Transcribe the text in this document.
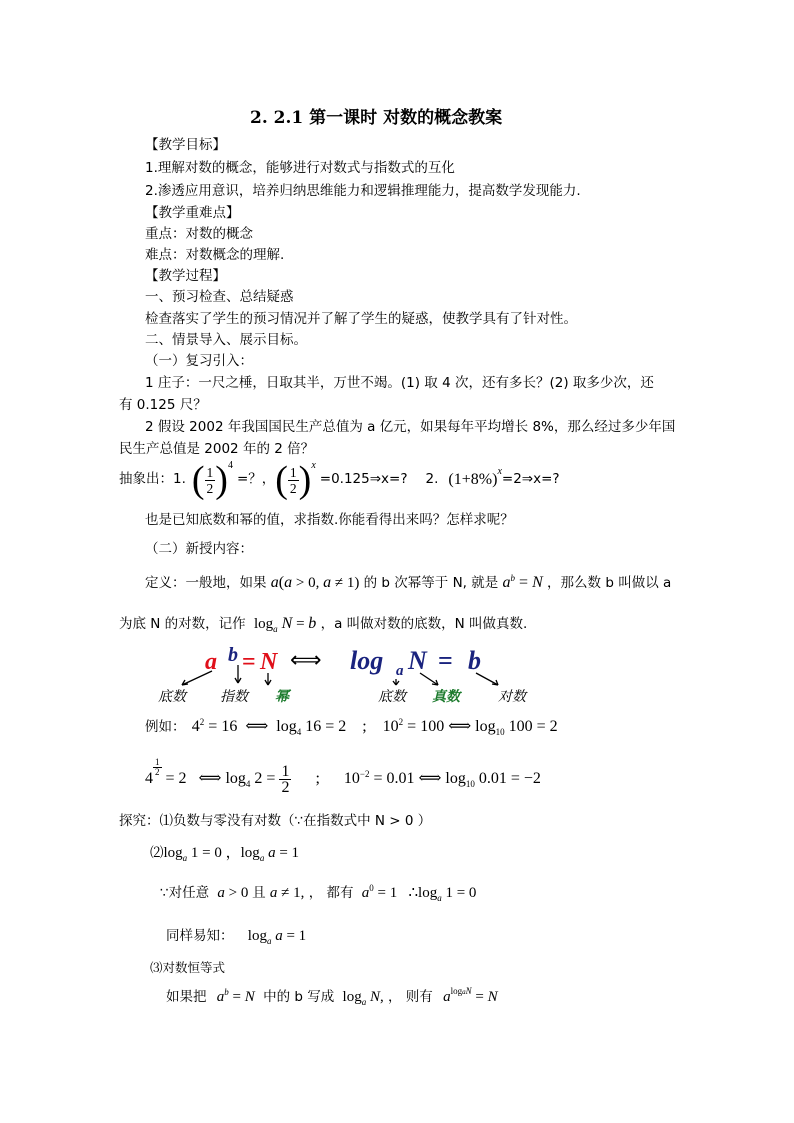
2. 2.1 第一课时 对数的概念教案
【教学目标】
1.理解对数的概念，能够进行对数式与指数式的互化
2.渗透应用意识，培养归纳思维能力和逻辑推理能力，提高数学发现能力.
【教学重难点】
重点：对数的概念
难点：对数概念的理解.
【教学过程】
一、预习检查、总结疑惑
检查落实了学生的预习情况并了解了学生的疑惑，使教学具有了针对性。
二、情景导入、展示目标。
（一）复习引入：
1 庄子：一尺之棰，日取其半，万世不竭。(1) 取 4 次，还有多长？(2) 取多少次，还
有 0.125 尺？
2 假设 2002 年我国国民生产总值为 a 亿元，如果每年平均增长 8%，那么经过多少年国
民生产总值是 2002 年的 2 倍？
抽象出：1. ( $\frac{1}{2}$ ) 4
=？， ( $\frac{1}{2}$ ) x
=0.125⇒x=? 2. (1+8%) x =2⇒x=?
也是已知底数和幂的值，求指数.你能看得出来吗？怎样求呢？
（二）新授内容：
定义：一般地，如果 a(a > 0, a ≠ 1) 的 b 次幂等于 N, 就是 $a^b = N$ ，那么数 b 叫做以 a
为底 N 的对数，记作 $\log_a N = b$ ，a 叫做对数的底数，N 叫做真数.
a b = N ⟺ log a N = b
底数 指数 幂	底数 真数	对数
例如： $4^2 = 16$  ⟺  $\log_4 16 = 2$    ;    $10^2 = 100$ ⟺ $\log_{10} 100 = 2$
4
$\frac{1}{2}$
= 2   ⟺ $\log_4 2 = \frac{1}{2}$ ;      $10^{-2} = 0.01$ ⟺ $\log_{10} 0.01 = -2$
探究：⑴负数与零没有对数（∵在指数式中 N > 0 ）
$⑵\log_a$ 1 = 0 ，$\log_a a = 1$
∵对任意 a > 0 且 a ≠ 1, ， 都有 $a^0 = 1$   $\therefore\log_a$ 1 = 0
同样易知： $\log_a a = 1$
⑶对数恒等式
如果把 $a^b = N$ 中的 b 写成 $\log_a N$, ， 则有 $a^{logaN} = N$
